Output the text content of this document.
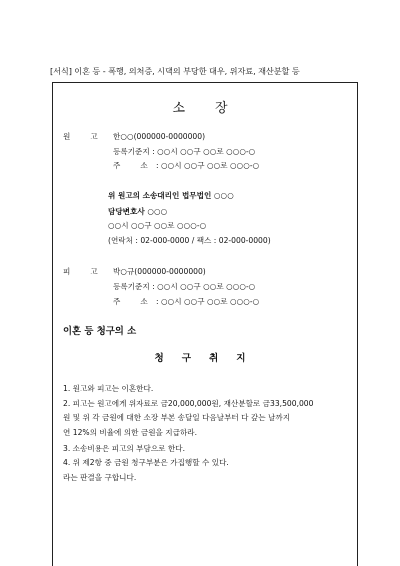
[서식] 이혼 등 - 폭행, 의처증, 시댁의 부당한 대우, 위자료, 재산분할 등
소장
원	고 한○○(000000-0000000)
등록기준지 : ○○시 ○○구 ○○로 ○○○-○
주	소 : ○○시 ○○구 ○○로 ○○○-○
위 원고의 소송대리인 법무법인 ○○○
담당변호사 ○○○
○○시 ○○구 ○○로 ○○○-○
(연락처 : 02-000-0000 / 팩스 : 02-000-0000)
피	고 박○규(000000-0000000)
등록기준지 : ○○시 ○○구 ○○로 ○○○-○
주	소 : ○○시 ○○구 ○○로 ○○○-○
이혼 등 청구의 소
청 구 취 지
1. 원고와 피고는 이혼한다.
2. 피고는 원고에게 위자료로 금20,000,000원, 재산분할로 금33,500,000
원 및 위 각 금원에 대한 소장 부본 송달일 다음날부터 다 갚는 날까지
연 12%의 비율에 의한 금원을 지급하라.
3. 소송비용은 피고의 부담으로 한다.
4. 위 제2항 중 금원 청구부분은 가집행할 수 있다.
라는 판결을 구합니다.
